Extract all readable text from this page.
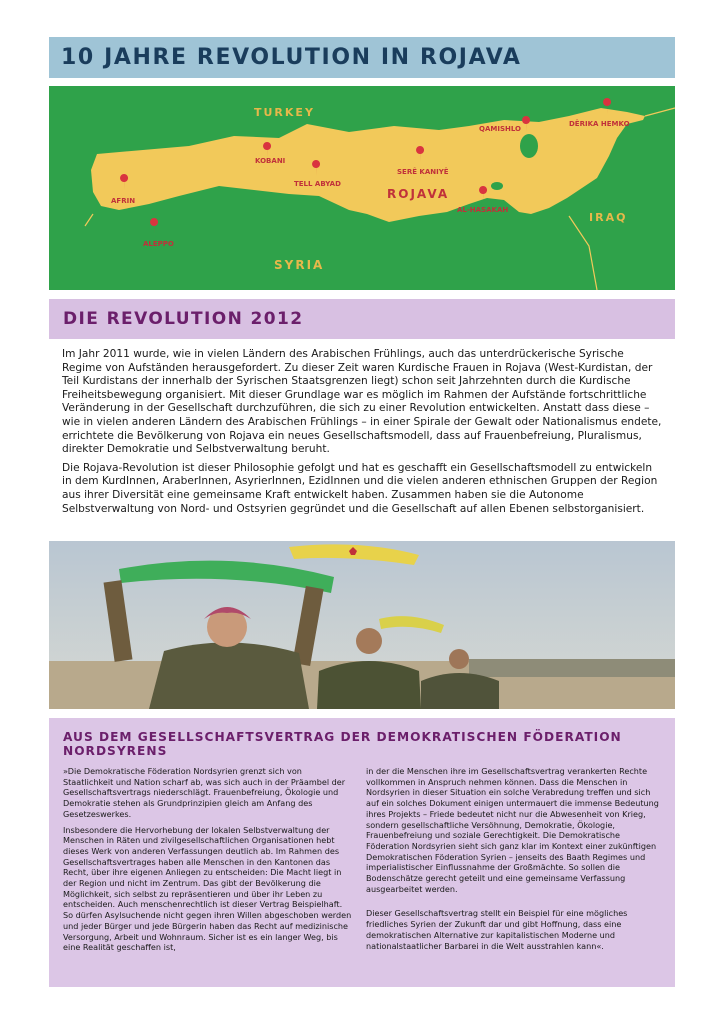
10 JAHRE REVOLUTION IN ROJAVA
TURKEY
SYRIA
IRAQ
ROJAVA
AFRIN
ALEPPO
KOBANI
TELL ABYAD
SERÊ KANIYÊ
AL-HASAKAH
QAMISHLO
DÊRIKA HEMKO
DIE REVOLUTION 2012

Im Jahr 2011 wurde, wie in vielen Ländern des Arabischen Frühlings, auch das unterdrückerische Syrische Regime von Aufständen herausgefordert. Zu dieser Zeit waren Kurdische Frauen in Rojava (West-Kurdistan, der Teil Kurdistans der innerhalb der Syrischen Staatsgrenzen liegt) schon seit Jahrzehnten durch die Kurdische Freiheitsbewegung organisiert. Mit dieser Grundlage war es möglich im Rahmen der Aufstände fortschrittliche Veränderung in der Gesellschaft durchzuführen, die sich zu einer Revolution entwickelten. Anstatt dass diese – wie in vielen anderen Ländern des Arabischen Frühlings – in einer Spirale der Gewalt oder Nationalismus endete, errichtete die Bevölkerung von Rojava ein neues Gesellschaftsmodell, dass auf Frauenbefreiung, Pluralismus, direkter Demokratie und Selbstverwaltung beruht.

Die Rojava-Revolution ist dieser Philosophie gefolgt und hat es geschafft ein Gesellschaftsmodell zu entwickeln in dem KurdInnen, AraberInnen, AsyrierInnen, EzidInnen und die vielen anderen ethnischen Gruppen der Region aus ihrer Diversität eine gemeinsame Kraft entwickelt haben. Zusammen haben sie die Autonome Selbstverwaltung von Nord- und Ostsyrien gegründet und die Gesellschaft auf allen Ebenen selbstorganisiert.

AUS DEM GESELLSCHAFTSVERTRAG DER DEMOKRATISCHEN FÖDERATION NORDSYRENS

»Die Demokratische Föderation Nordsyrien grenzt sich von Staatlichkeit und Nation scharf ab, was sich auch in der Präambel der Gesellschaftsvertrags niederschlägt. Frauenbefreiung, Ökologie und Demokratie stehen als Grundprinzipien gleich am Anfang des Gesetzeswerkes.

Insbesondere die Hervorhebung der lokalen Selbstverwaltung der Menschen in Räten und zivilgesellschaftlichen Organisationen hebt dieses Werk von anderen Verfassungen deutlich ab. Im Rahmen des Gesellschaftsvertrages haben alle Menschen in den Kantonen das Recht, über ihre eigenen Anliegen zu entscheiden: Die Macht liegt in der Region und nicht im Zentrum. Das gibt der Bevölkerung die Möglichkeit, sich selbst zu repräsentieren und über ihr Leben zu entscheiden. Auch menschenrechtlich ist dieser Vertrag Beispielhaft. So dürfen Asylsuchende nicht gegen ihren Willen abgeschoben werden und jeder Bürger und jede Bürgerin haben das Recht auf medizinische Versorgung, Arbeit und Wohnraum. Sicher ist es ein langer Weg, bis eine Realität geschaffen ist,

in der die Menschen ihre im Gesellschaftsvertrag verankerten Rechte vollkommen in Anspruch nehmen können. Dass die Menschen in Nordsyrien in dieser Situation ein solche Verabredung treffen und sich auf ein solches Dokument einigen untermauert die immense Bedeutung ihres Projekts – Friede bedeutet nicht nur die Abwesenheit von Krieg, sondern gesellschaftliche Versöhnung, Demokratie, Ökologie, Frauenbefreiung und soziale Gerechtigkeit. Die Demokratische Föderation Nordsyrien sieht sich ganz klar im Kontext einer zukünftigen Demokratischen Föderation Syrien – jenseits des Baath Regimes und imperialistischer Einflussnahme der Großmächte. So sollen die Bodenschätze gerecht geteilt und eine gemeinsame Verfassung ausgearbeitet werden.

Dieser Gesellschaftsvertrag stellt ein Beispiel für eine mögliches friedliches Syrien der Zukunft dar und gibt Hoffnung, dass eine demokratischen Alternative zur kapitalistischen Moderne und nationalstaatlicher Barbarei in die Welt ausstrahlen kann«.
